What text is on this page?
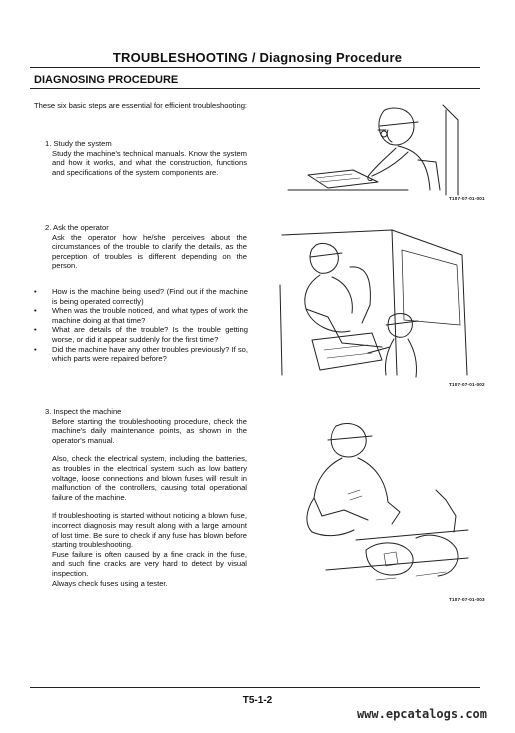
TROUBLESHOOTING / Diagnosing Procedure
DIAGNOSING PROCEDURE
These six basic steps are essential for efficient troubleshooting:
1. Study the system
Study the machine's technical manuals. Know the system and how it works, and what the construction, functions and specifications of the system components are.
2. Ask the operator
Ask the operator how he/she perceives about the circumstances of the trouble to clarify the details, as the perception of troubles is different depending on the person.
• How is the machine being used? (Find out if the machine is being operated correctly)
• When was the trouble noticed, and what types of work the machine doing at that time?
• What are details of the trouble? Is the trouble getting worse, or did it appear suddenly for the first time?
• Did the machine have any other troubles previously? If so, which parts were repaired before?
3. Inspect the machine
Before starting the troubleshooting procedure, check the machine's daily maintenance points, as shown in the operator's manual.
Also, check the electrical system, including the batteries, as troubles in the electrical system such as low battery voltage, loose connections and blown fuses will result in malfunction of the controllers, causing total operational failure of the machine.
If troubleshooting is started without noticing a blown fuse, incorrect diagnosis may result along with a large amount of lost time. Be sure to check if any fuse has blown before starting troubleshooting.
Fuse failure is often caused by a fine crack in the fuse, and such fine cracks are very hard to detect by visual inspection.
Always check fuses using a tester.
T107-07-01-001
T107-07-01-002
T107-07-01-003
T5-1-2
www.epcatalogs.com
